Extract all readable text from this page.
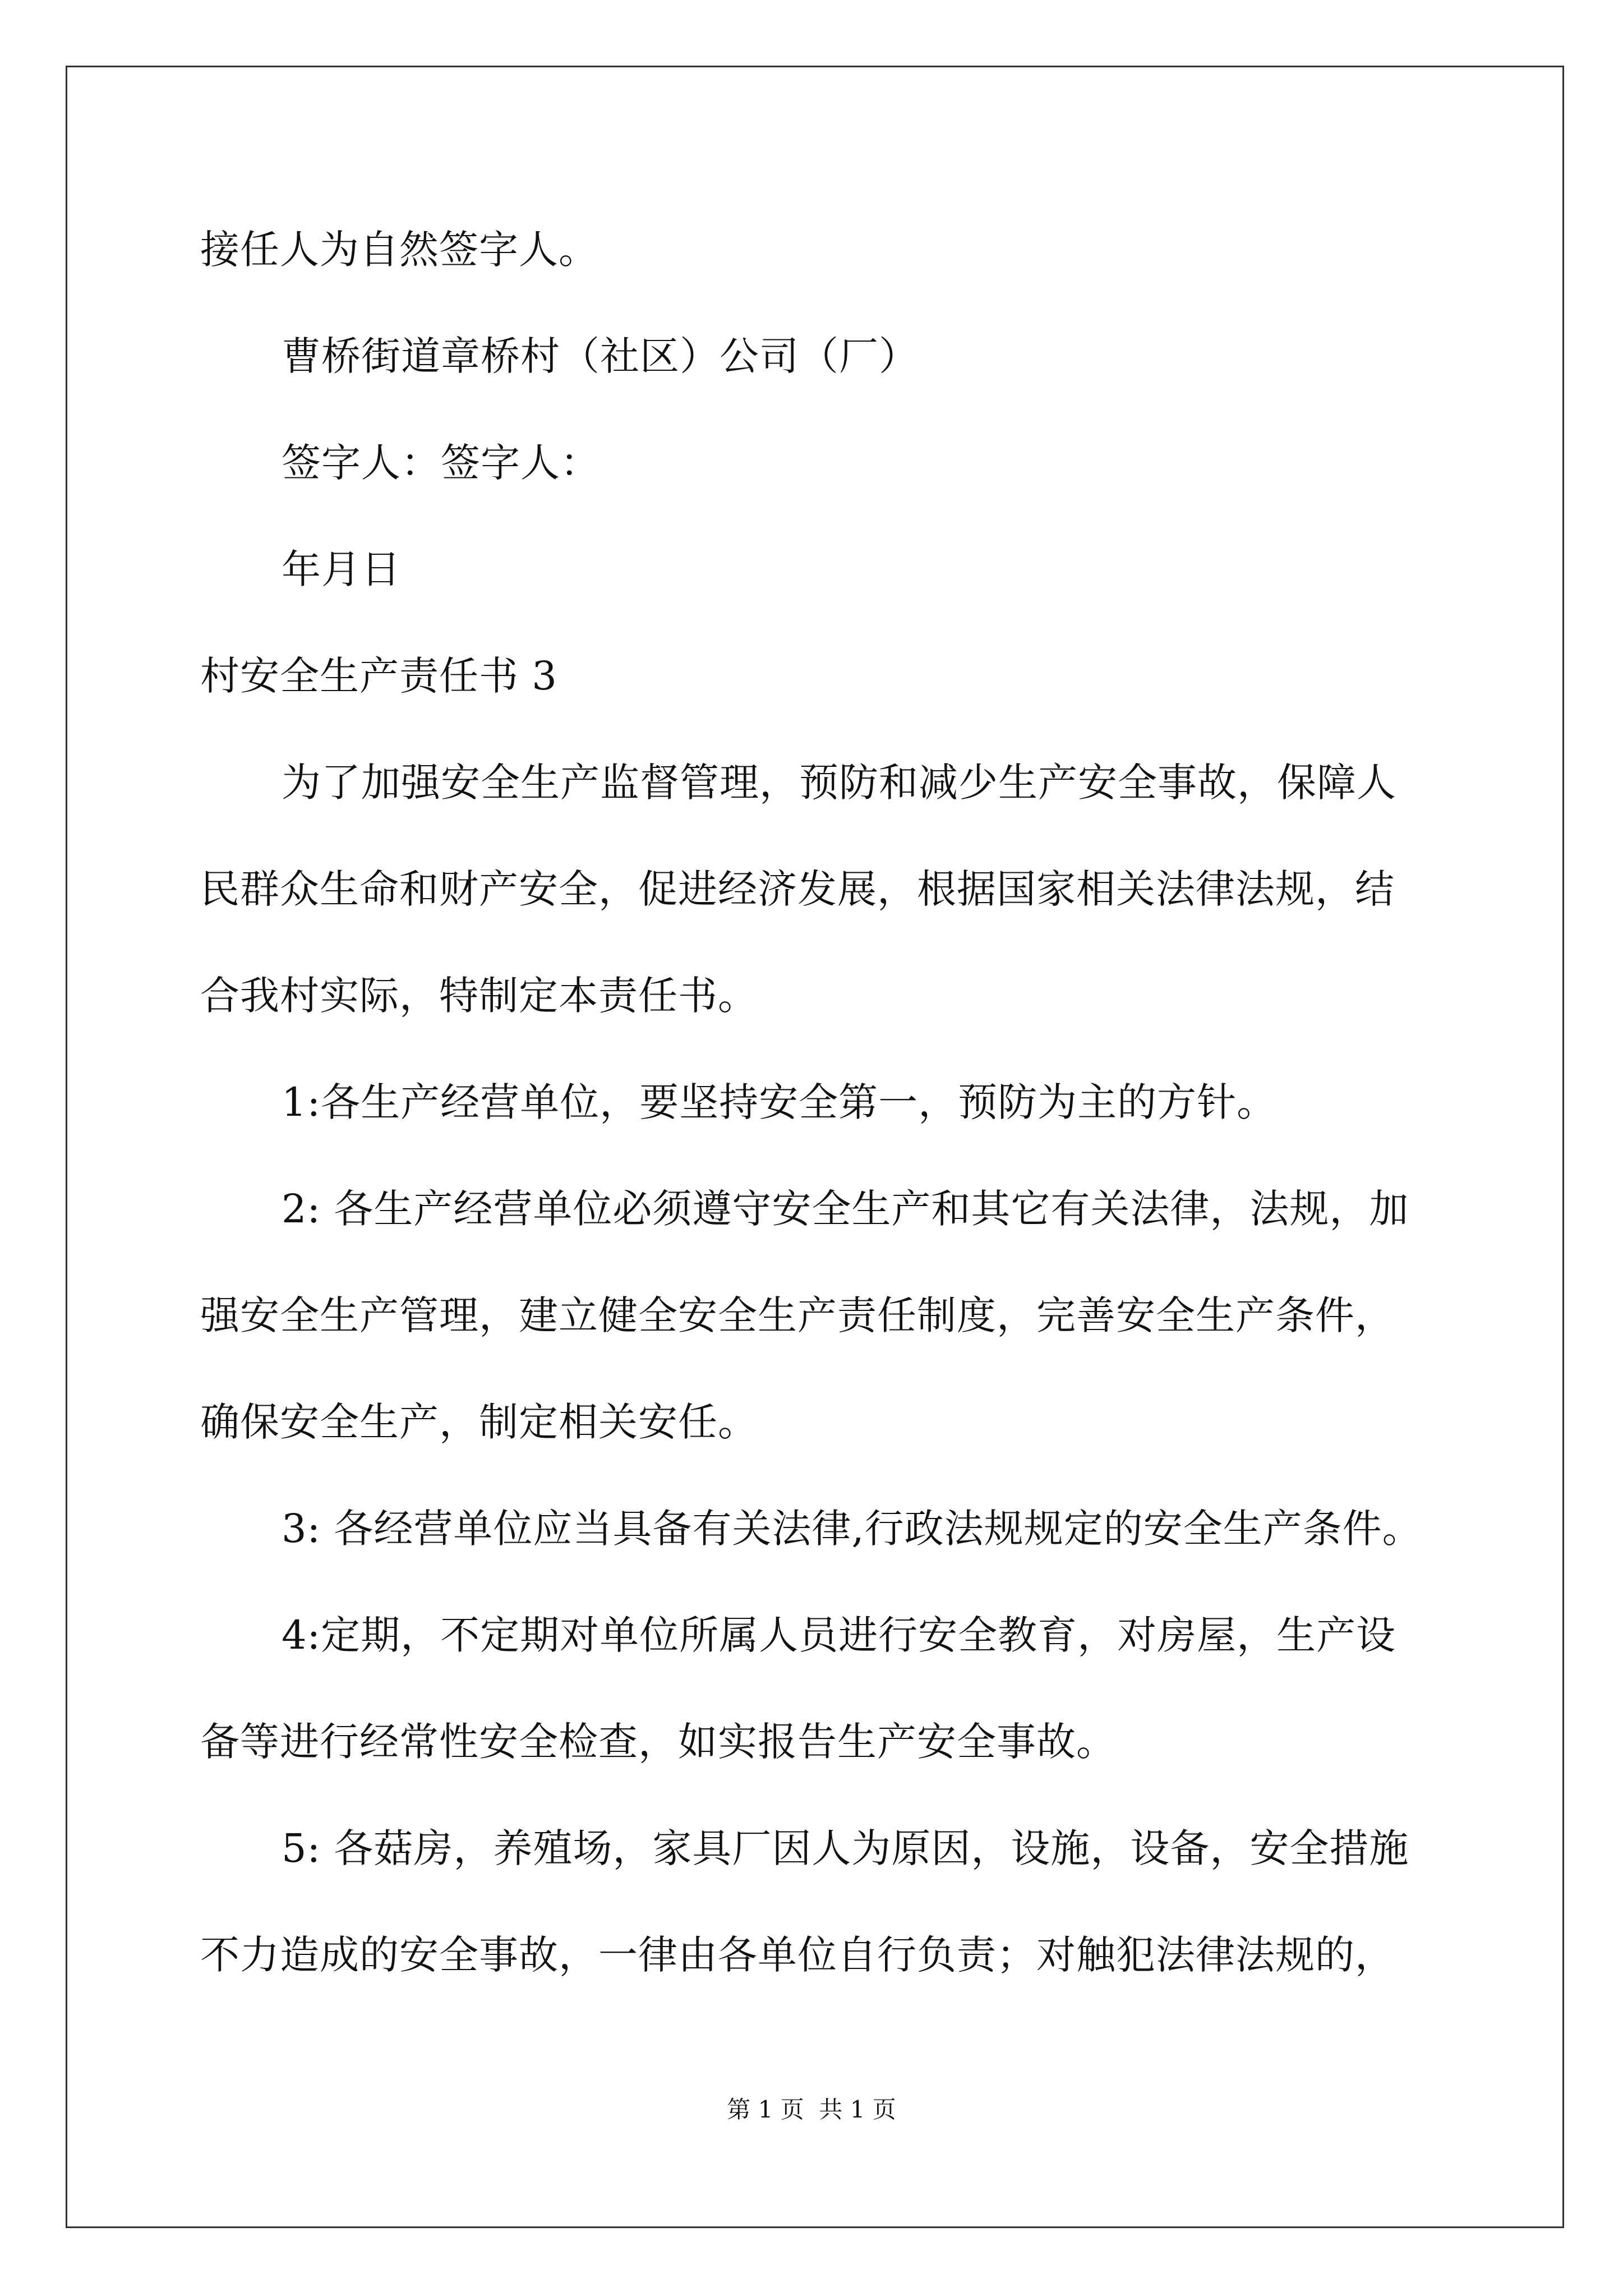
接任人为自然签字人。
曹桥街道章桥村（社区）公司（厂）
签字人：签字人：
年月日
村安全生产责任书 3
为了加强安全生产监督管理，预防和减少生产安全事故，保障人
民群众生命和财产安全，促进经济发展，根据国家相关法律法规，结
合我村实际，特制定本责任书。
1:各生产经营单位，要坚持安全第一，预防为主的方针。
2: 各生产经营单位必须遵守安全生产和其它有关法律，法规，加
强安全生产管理，建立健全安全生产责任制度，完善安全生产条件，
确保安全生产，制定相关安任。
3: 各经营单位应当具备有关法律,行政法规规定的安全生产条件。
4:定期，不定期对单位所属人员进行安全教育，对房屋，生产设
备等进行经常性安全检查，如实报告生产安全事故。
5: 各菇房，养殖场，家具厂因人为原因，设施，设备，安全措施
不力造成的安全事故，一律由各单位自行负责；对触犯法律法规的，
第 1 页  共 1 页
